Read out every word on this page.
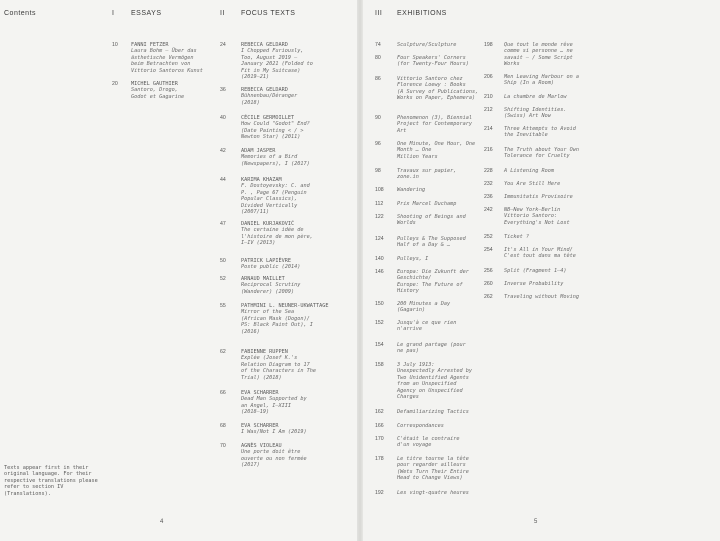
Contents	I ESSAYS	II FOCUS TEXTS	III EXHIBITIONS
10	FANNI FETZER
Laura Bohm – Über das
ästhetische Vermögen
beim Betrachten von
Vittorio Santoros Kunst
20	MICHEL GAUTHIER
Santoro, Drogo,
Godot et Gagarine
24	REBECCA GELDARD
I Chopped Furiously,
Too, August 2019 –
January 2021 (Folded to
Fit in My Suitcase)
(2019–21)
36	REBECCA GELDARD
Bühnenbau/Déranger
(2018)
40	CÉCILE GERMOILLET
How Could "Godot" End?
(Date Painting < / >
Newton Star) (2011)
42	ADAM JASPER
Memories of a Bird
(Newspapers), I (2017)
44	KARIMA KHAZAM
F. Dostoyevsky: C. and
P. , Page 67 (Penguin
Popular Classics),
Divided Vertically
(2007/11)
47	DANIEL KURJAKOVIĆ
The certaine idée de
l'histoire de mon père,
I–IV (2013)
50	PATRICK LAPIÈVRE
Poste public (2014)
52	ARNAUD MAILLET
Reciprocal Scrutiny
(Wanderer) (2009)
55	PATHMINI L. NEUNER-UKWATTAGE
Mirror of the Sea
(African Mask (Dogon)/
PS: Black Paint Out), I
(2016)
62	FABIENNE RUPPEN
Explée (Josef K.'s
Relation Diagram to 17
of the Characters in The
Trial) (2018)
66	EVA SCHARRER
Dead Man Supported by
an Angel, I–XIII
(2018–19)
68	EVA SCHARRER
I Was/Not I Am (2019)
70	AGNÈS VIOLEAU
Une porte doit être
ouverte ou non fermée
(2017)
74	Sculpture/Sculpture
80	Four Speakers' Corners
(for Twenty-Four Hours)
86	Vittorio Santoro chez
Florence Loewy : Books
(A Survey of Publications,
Works on Paper, Ephemera)
90	Phenomenon (3), Biennial
Project for Contemporary
Art
96	One Minute, One Hour, One
Month … One
Million Years
98	Travaux sur papier,
zone.in
108	Wandering
112	Prix Marcel Duchamp
122	Shooting of Beings and
Worlds
124	Pulleys & The Supposed
Half of a Day & …
140	Pulleys, I
146	Europa: Die Zukunft der
Geschichte/
Europe: The Future of
History
150	200 Minutes a Day
(Gagarin)
152	Jusqu'à ce que rien
n'arrive
154	Le grand partage (pour
ne pas)
158	3 July 1913:
Unexpectedly Arrested by
Two Unidentified Agents
from an Unspecified
Agency on Unspecified
Charges
162	Defamiliarizing Tactics
166	Correspondances
170	C'était le contraire
d'un voyage
178	Le titre tourne la tête
pour regarder ailleurs
(Wets Turn Their Entire
Head to Change Views)
192	Les vingt-quatre heures
198 Que tout le monde rêve
comme si personne … ne
savait – / Some Script
Works
206 Men Leaving Harbour on a
Ship (In a Room)
210 La chambre de Marlow
212 Shifting Identities.
(Swiss) Art Now
214 Three Attempts to Avoid
the Inevitable
216 The Truth about Your Own
Tolerance for Cruelty
228 A Listening Room
232 You Are Still Here
236 Immunitatis Provisoire
242 NB–New York–Berlin
Vittorio Santoro:
Everything's Not Lost
252 Ticket ?
254 It's All in Your Mind/
C'est tout dans ma tête
256 Split (Fragment 1–4)
260 Inverse Probability
262 Traveling without Moving
Texts appear first in their
original language. For their
respective translations please
refer to section IV
(Translations).
4	5
